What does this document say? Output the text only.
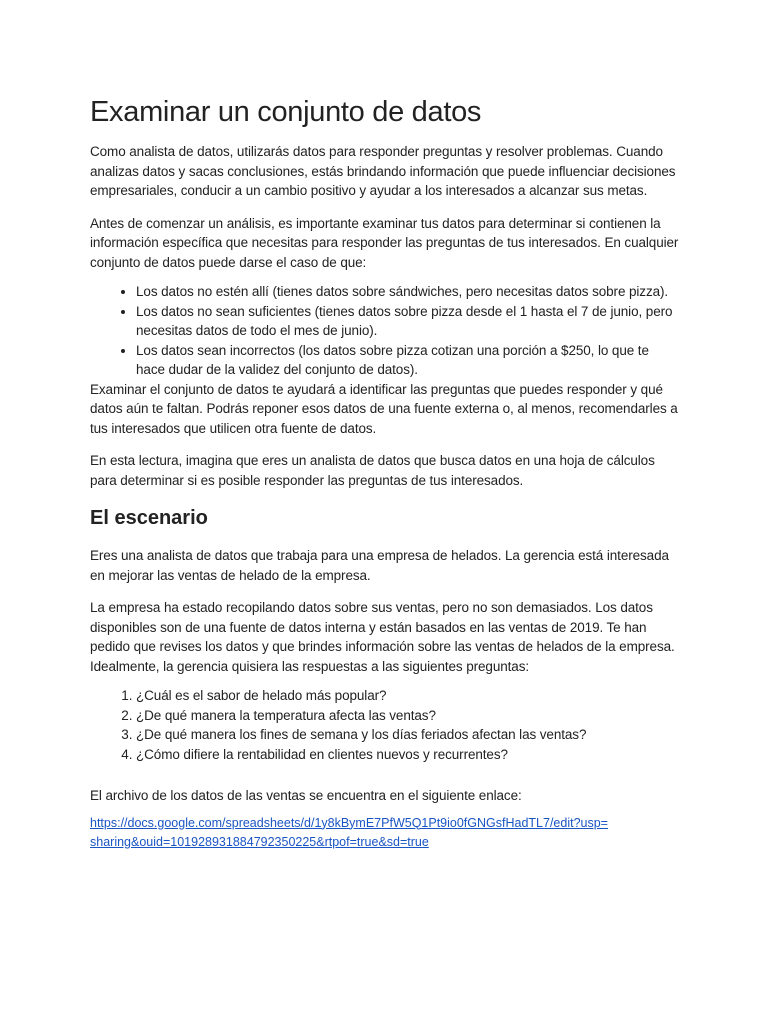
Examinar un conjunto de datos

Como analista de datos, utilizarás datos para responder preguntas y resolver problemas. Cuando analizas datos y sacas conclusiones, estás brindando información que puede influenciar decisiones empresariales, conducir a un cambio positivo y ayudar a los interesados a alcanzar sus metas.

Antes de comenzar un análisis, es importante examinar tus datos para determinar si contienen la información específica que necesitas para responder las preguntas de tus interesados. En cualquier conjunto de datos puede darse el caso de que:

• Los datos no estén allí (tienes datos sobre sándwiches, pero necesitas datos sobre pizza).
• Los datos no sean suficientes (tienes datos sobre pizza desde el 1 hasta el 7 de junio, pero necesitas datos de todo el mes de junio).
• Los datos sean incorrectos (los datos sobre pizza cotizan una porción a $250, lo que te hace dudar de la validez del conjunto de datos).

Examinar el conjunto de datos te ayudará a identificar las preguntas que puedes responder y qué datos aún te faltan. Podrás reponer esos datos de una fuente externa o, al menos, recomendarles a tus interesados que utilicen otra fuente de datos.

En esta lectura, imagina que eres un analista de datos que busca datos en una hoja de cálculos para determinar si es posible responder las preguntas de tus interesados.

El escenario

Eres una analista de datos que trabaja para una empresa de helados. La gerencia está interesada en mejorar las ventas de helado de la empresa.

La empresa ha estado recopilando datos sobre sus ventas, pero no son demasiados. Los datos disponibles son de una fuente de datos interna y están basados en las ventas de 2019. Te han pedido que revises los datos y que brindes información sobre las ventas de helados de la empresa. Idealmente, la gerencia quisiera las respuestas a las siguientes preguntas:

1. ¿Cuál es el sabor de helado más popular?
2. ¿De qué manera la temperatura afecta las ventas?
3. ¿De qué manera los fines de semana y los días feriados afectan las ventas?
4. ¿Cómo difiere la rentabilidad en clientes nuevos y recurrentes?

El archivo de los datos de las ventas se encuentra en el siguiente enlace:

https://docs.google.com/spreadsheets/d/1y8kBymE7PfW5Q1Pt9io0fGNGsfHadTL7/edit?usp=sharing&ouid=101928931884792350225&rtpof=true&sd=true
